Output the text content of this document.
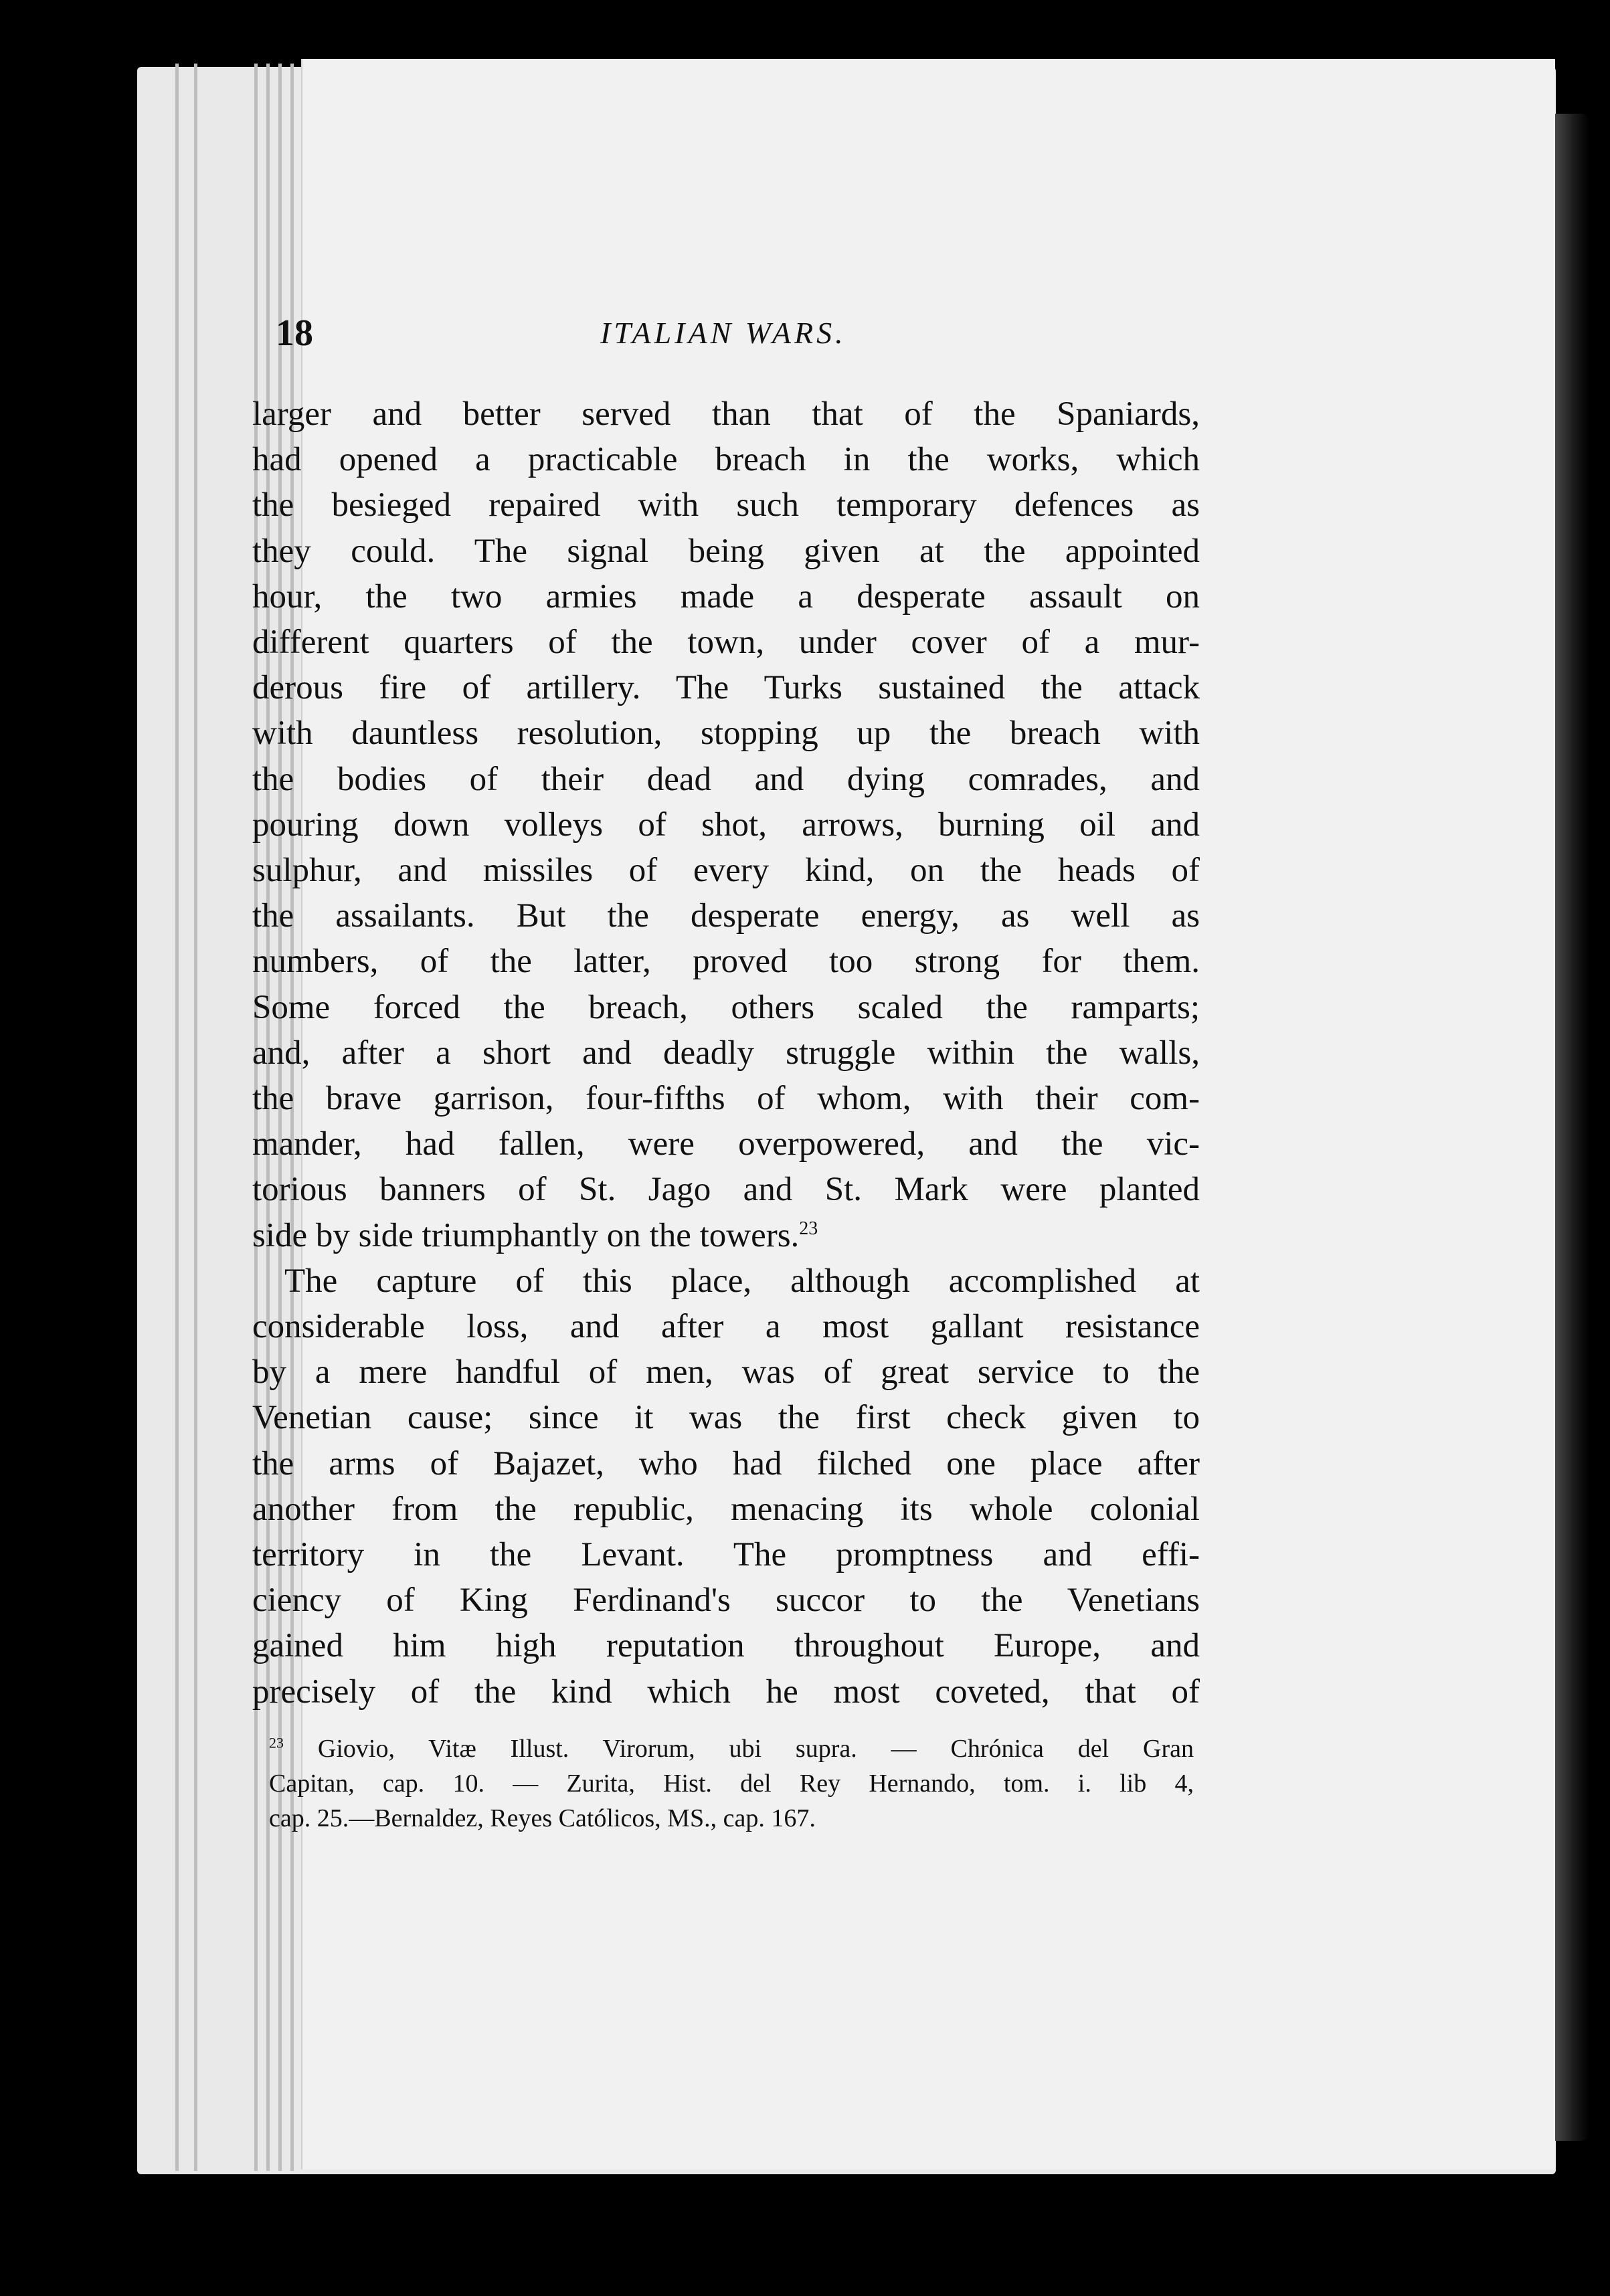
18	ITALIAN WARS.
larger and better served than that of the Spaniards,
had opened a practicable breach in the works, which
the besieged repaired with such temporary defences as
they could. The signal being given at the appointed
hour, the two armies made a desperate assault on
different quarters of the town, under cover of a mur-
derous fire of artillery. The Turks sustained the attack
with dauntless resolution, stopping up the breach with
the bodies of their dead and dying comrades, and
pouring down volleys of shot, arrows, burning oil and
sulphur, and missiles of every kind, on the heads of
the assailants. But the desperate energy, as well as
numbers, of the latter, proved too strong for them.
Some forced the breach, others scaled the ramparts;
and, after a short and deadly struggle within the walls,
the brave garrison, four-fifths of whom, with their com-
mander, had fallen, were overpowered, and the vic-
torious banners of St. Jago and St. Mark were planted
side by side triumphantly on the towers.$^{23}$
The capture of this place, although accomplished at
considerable loss, and after a most gallant resistance
by a mere handful of men, was of great service to the
Venetian cause; since it was the first check given to
the arms of Bajazet, who had filched one place after
another from the republic, menacing its whole colonial
territory in the Levant. The promptness and effi-
ciency of King Ferdinand's succor to the Venetians
gained him high reputation throughout Europe, and
precisely of the kind which he most coveted, that of
$^{23}$ Giovio, Vitæ Illust. Virorum, ubi supra. — Chrónica del Gran
Capitan, cap. 10. — Zurita, Hist. del Rey Hernando, tom. i. lib 4,
cap. 25.—Bernaldez, Reyes Católicos, MS., cap. 167.
